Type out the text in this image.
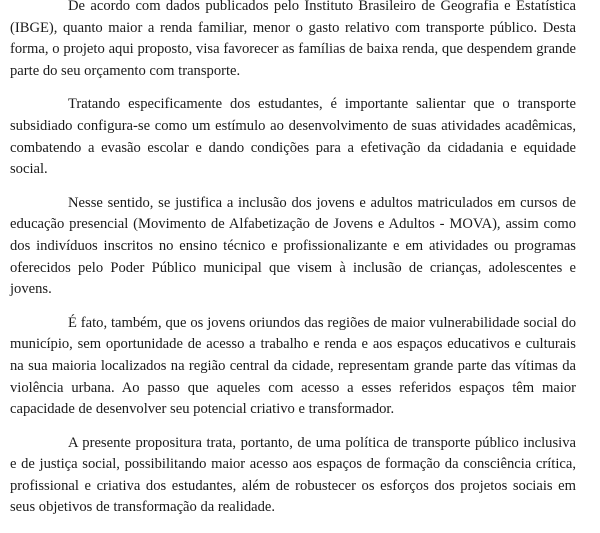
De acordo com dados publicados pelo Instituto Brasileiro de Geografia e Estatística (IBGE), quanto maior a renda familiar, menor o gasto relativo com transporte público. Desta forma, o projeto aqui proposto, visa favorecer as famílias de baixa renda, que despendem grande parte do seu orçamento com transporte.

Tratando especificamente dos estudantes, é importante salientar que o transporte subsidiado configura-se como um estímulo ao desenvolvimento de suas atividades acadêmicas, combatendo a evasão escolar e dando condições para a efetivação da cidadania e equidade social.

Nesse sentido, se justifica a inclusão dos jovens e adultos matriculados em cursos de educação presencial (Movimento de Alfabetização de Jovens e Adultos - MOVA), assim como dos indivíduos inscritos no ensino técnico e profissionalizante e em atividades ou programas oferecidos pelo Poder Público municipal que visem à inclusão de crianças, adolescentes e jovens.

É fato, também, que os jovens oriundos das regiões de maior vulnerabilidade social do município, sem oportunidade de acesso a trabalho e renda e aos espaços educativos e culturais na sua maioria localizados na região central da cidade, representam grande parte das vítimas da violência urbana. Ao passo que aqueles com acesso a esses referidos espaços têm maior capacidade de desenvolver seu potencial criativo e transformador.

A presente propositura trata, portanto, de uma política de transporte público inclusiva e de justiça social, possibilitando maior acesso aos espaços de formação da consciência crítica, profissional e criativa dos estudantes, além de robustecer os esforços dos projetos sociais em seus objetivos de transformação da realidade.
